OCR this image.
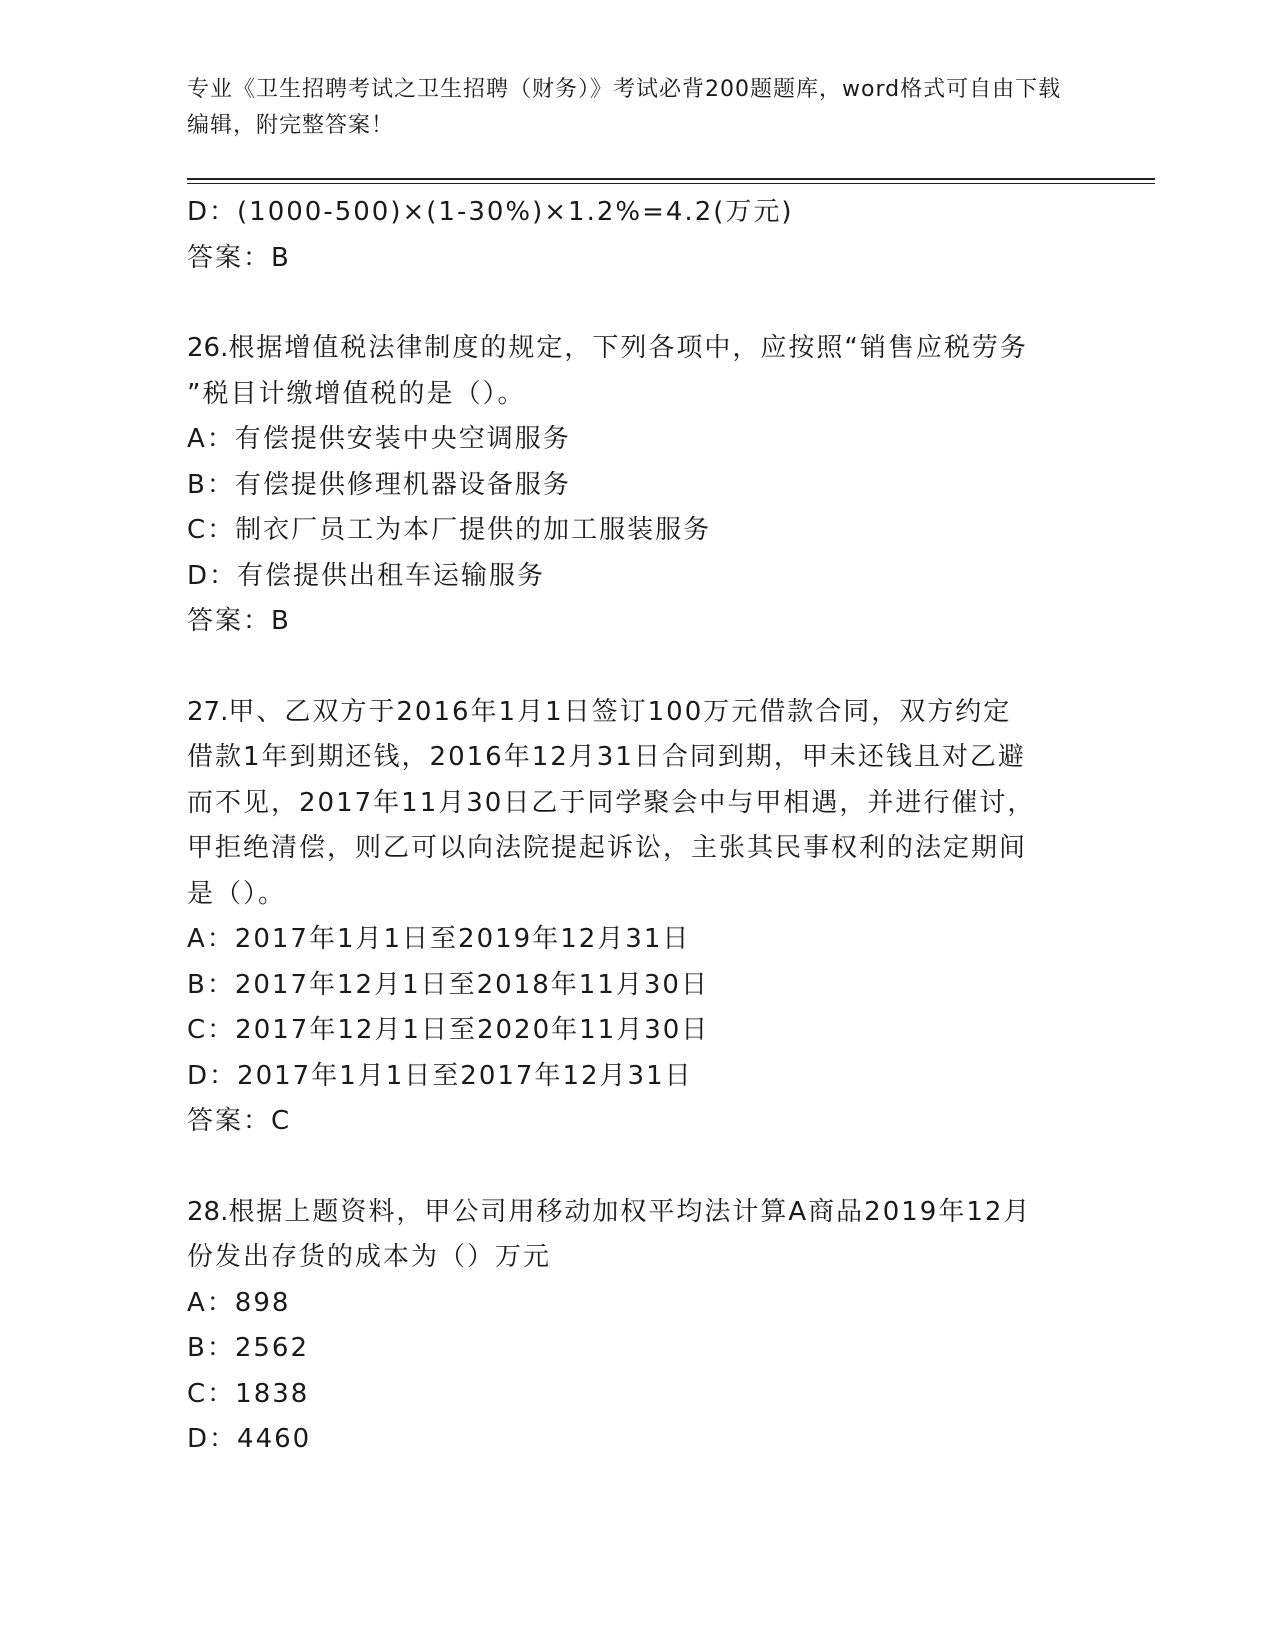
专业《卫生招聘考试之卫生招聘（财务）》考试必背200题题库，word格式可自由下载编辑，附完整答案！
D：(1000-500)×(1-30%)×1.2%=4.2(万元)
答案：B
26.根据增值税法律制度的规定，下列各项中，应按照“销售应税劳务
”税目计缴增值税的是（）。
A：有偿提供安装中央空调服务
B：有偿提供修理机器设备服务
C：制衣厂员工为本厂提供的加工服装服务
D：有偿提供出租车运输服务
答案：B
27.甲、乙双方于2016年1月1日签订100万元借款合同，双方约定
借款1年到期还钱，2016年12月31日合同到期，甲未还钱且对乙避
而不见，2017年11月30日乙于同学聚会中与甲相遇，并进行催讨，
甲拒绝清偿，则乙可以向法院提起诉讼，主张其民事权利的法定期间
是（）。
A：2017年1月1日至2019年12月31日
B：2017年12月1日至2018年11月30日
C：2017年12月1日至2020年11月30日
D：2017年1月1日至2017年12月31日
答案：C
28.根据上题资料，甲公司用移动加权平均法计算A商品2019年12月
份发出存货的成本为（）万元
A：898
B：2562
C：1838
D：4460
